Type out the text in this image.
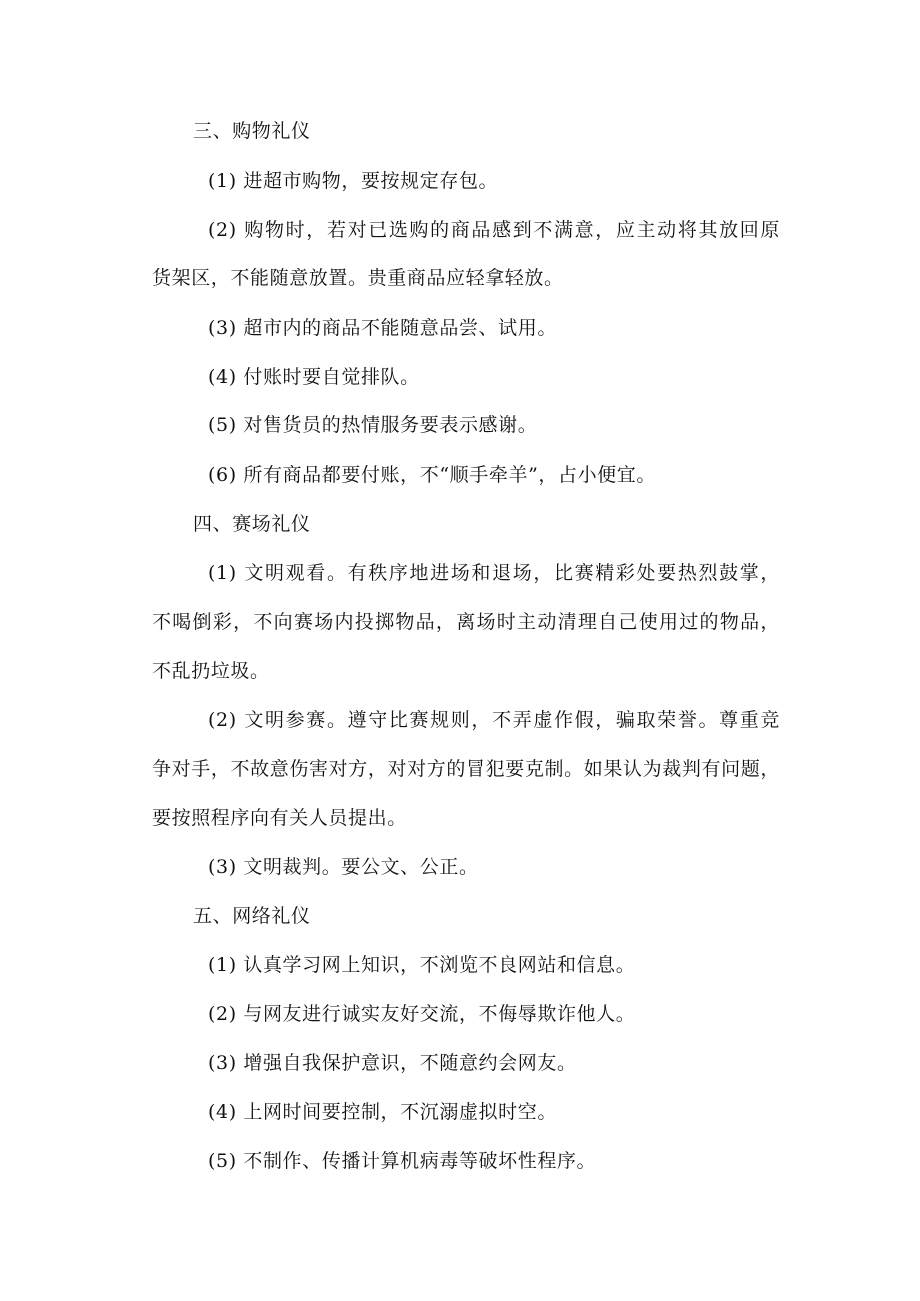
三、购物礼仪
(1) 进超市购物，要按规定存包。
(2) 购物时，若对已选购的商品感到不满意，应主动将其放回原
货架区，不能随意放置。贵重商品应轻拿轻放。
(3) 超市内的商品不能随意品尝、试用。
(4) 付账时要自觉排队。
(5) 对售货员的热情服务要表示感谢。
(6) 所有商品都要付账，不“顺手牵羊”，占小便宜。
四、赛场礼仪
(1) 文明观看。有秩序地进场和退场，比赛精彩处要热烈鼓掌，
不喝倒彩，不向赛场内投掷物品，离场时主动清理自己使用过的物品，
不乱扔垃圾。
(2) 文明参赛。遵守比赛规则，不弄虚作假，骗取荣誉。尊重竞
争对手，不故意伤害对方，对对方的冒犯要克制。如果认为裁判有问题，
要按照程序向有关人员提出。
(3) 文明裁判。要公文、公正。
五、网络礼仪
(1) 认真学习网上知识，不浏览不良网站和信息。
(2) 与网友进行诚实友好交流，不侮辱欺诈他人。
(3) 增强自我保护意识，不随意约会网友。
(4) 上网时间要控制，不沉溺虚拟时空。
(5) 不制作、传播计算机病毒等破坏性程序。
